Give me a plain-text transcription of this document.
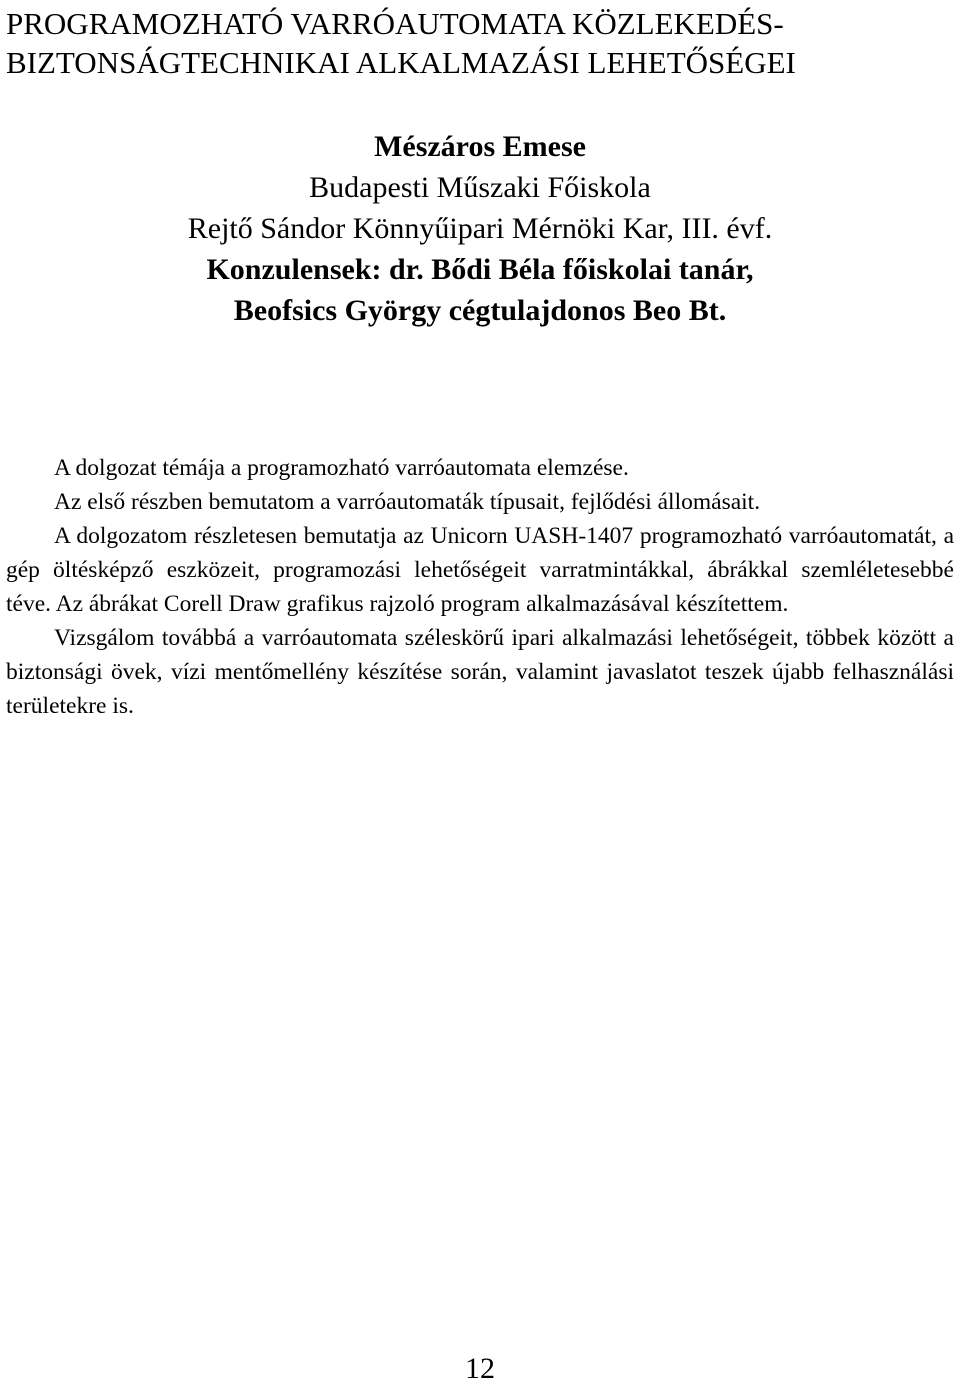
PROGRAMOZHATÓ VARRÓAUTOMATA KÖZLEKEDÉS-
BIZTONSÁGTECHNIKAI ALKALMAZÁSI LEHETŐSÉGEI
Mészáros Emese
Budapesti Műszaki Főiskola
Rejtő Sándor Könnyűipari Mérnöki Kar, III. évf.
Konzulensek: dr. Bődi Béla főiskolai tanár,
Beofsics György cégtulajdonos Beo Bt.

A dolgozat témája a programozható varróautomata elemzése.

Az első részben bemutatom a varróautomaták típusait, fejlődési állomásait.

A dolgozatom részletesen bemutatja az Unicorn UASH-1407 programozható varróautomatát, a gép öltésképző eszközeit, programozási lehetőségeit varratmintákkal, ábrákkal szemléletesebbé téve. Az ábrákat Corell Draw grafikus rajzoló program alkalmazásával készítettem.

Vizsgálom továbbá a varróautomata széleskörű ipari alkalmazási lehetőségeit, többek között a biztonsági övek, vízi mentőmellény készítése során, valamint javaslatot teszek újabb felhasználási területekre is.

12
